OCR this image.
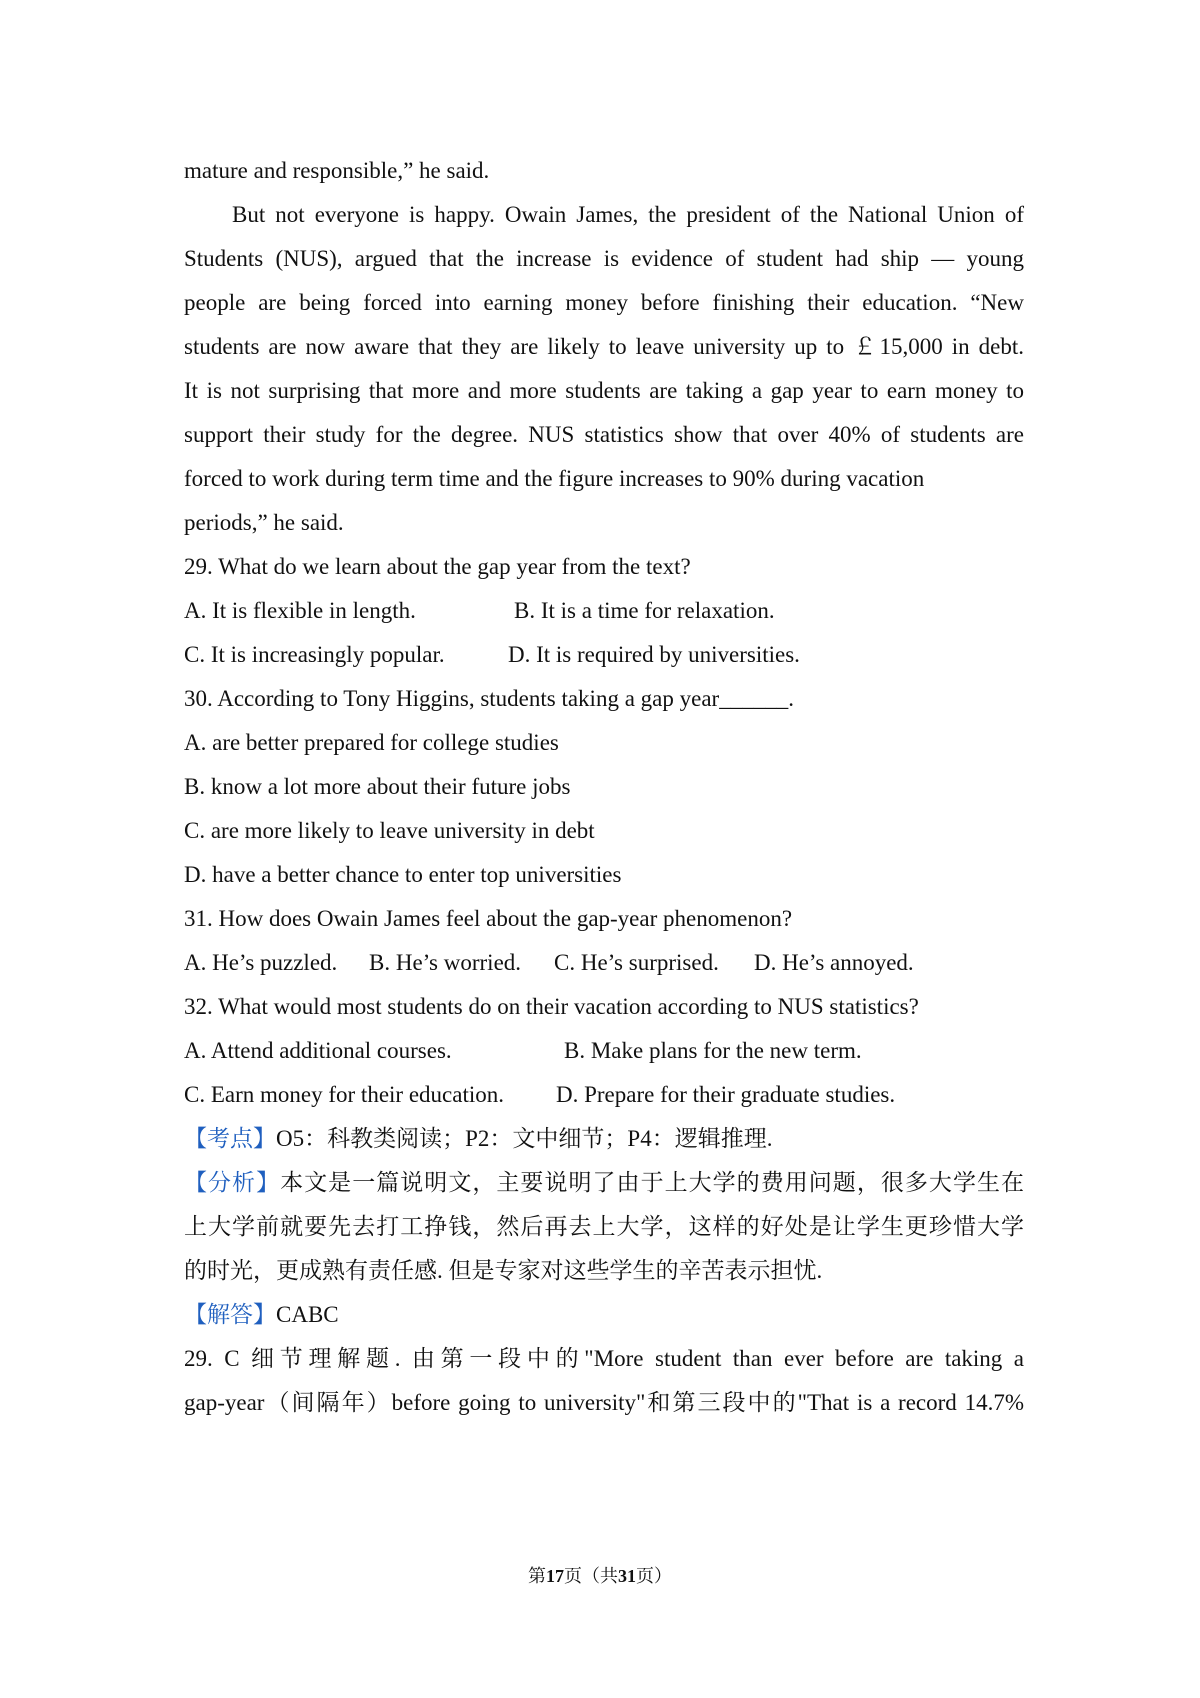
mature and responsible,” he said.
But not everyone is happy. Owain James, the president of the National Union of
Students (NUS), argued that the increase is evidence of student had ship — young
people are being forced into earning money before finishing their education. “New
students are now aware that they are likely to leave university up to ￡15,000 in debt.
It is not surprising that more and more students are taking a gap year to earn money to
support their study for the degree. NUS statistics show that over 40% of students are
forced to work during term time and the figure increases to 90% during vacation
periods,” he said.
29. What do we learn about the gap year from the text?
A. It is flexible in length.	B. It is a time for relaxation.
C. It is increasingly popular.	D. It is required by universities.
30. According to Tony Higgins, students taking a gap year______.
A. are better prepared for college studies
B. know a lot more about their future jobs
C. are more likely to leave university in debt
D. have a better chance to enter top universities
31. How does Owain James feel about the gap-year phenomenon?
A. He’s puzzled. B. He’s worried. C. He’s surprised. D. He’s annoyed.
32. What would most students do on their vacation according to NUS statistics?
A. Attend additional courses.	B. Make plans for the new term.
C. Earn money for their education. D. Prepare for their graduate studies.
【考点】O5：科教类阅读；P2：文中细节；P4：逻辑推理.
【分析】本文是一篇说明文，主要说明了由于上大学的费用问题，很多大学生在
上大学前就要先去打工挣钱，然后再去上大学，这样的好处是让学生更珍惜大学
的时光，更成熟有责任感. 但是专家对这些学生的辛苦表示担忧.
【解答】CABC
29. C 细节理解题. 由第一段中的"More student than ever before are taking a
gap-year（间隔年）before going to university"和第三段中的"That is a record 14.7%
第17页（共31页）
